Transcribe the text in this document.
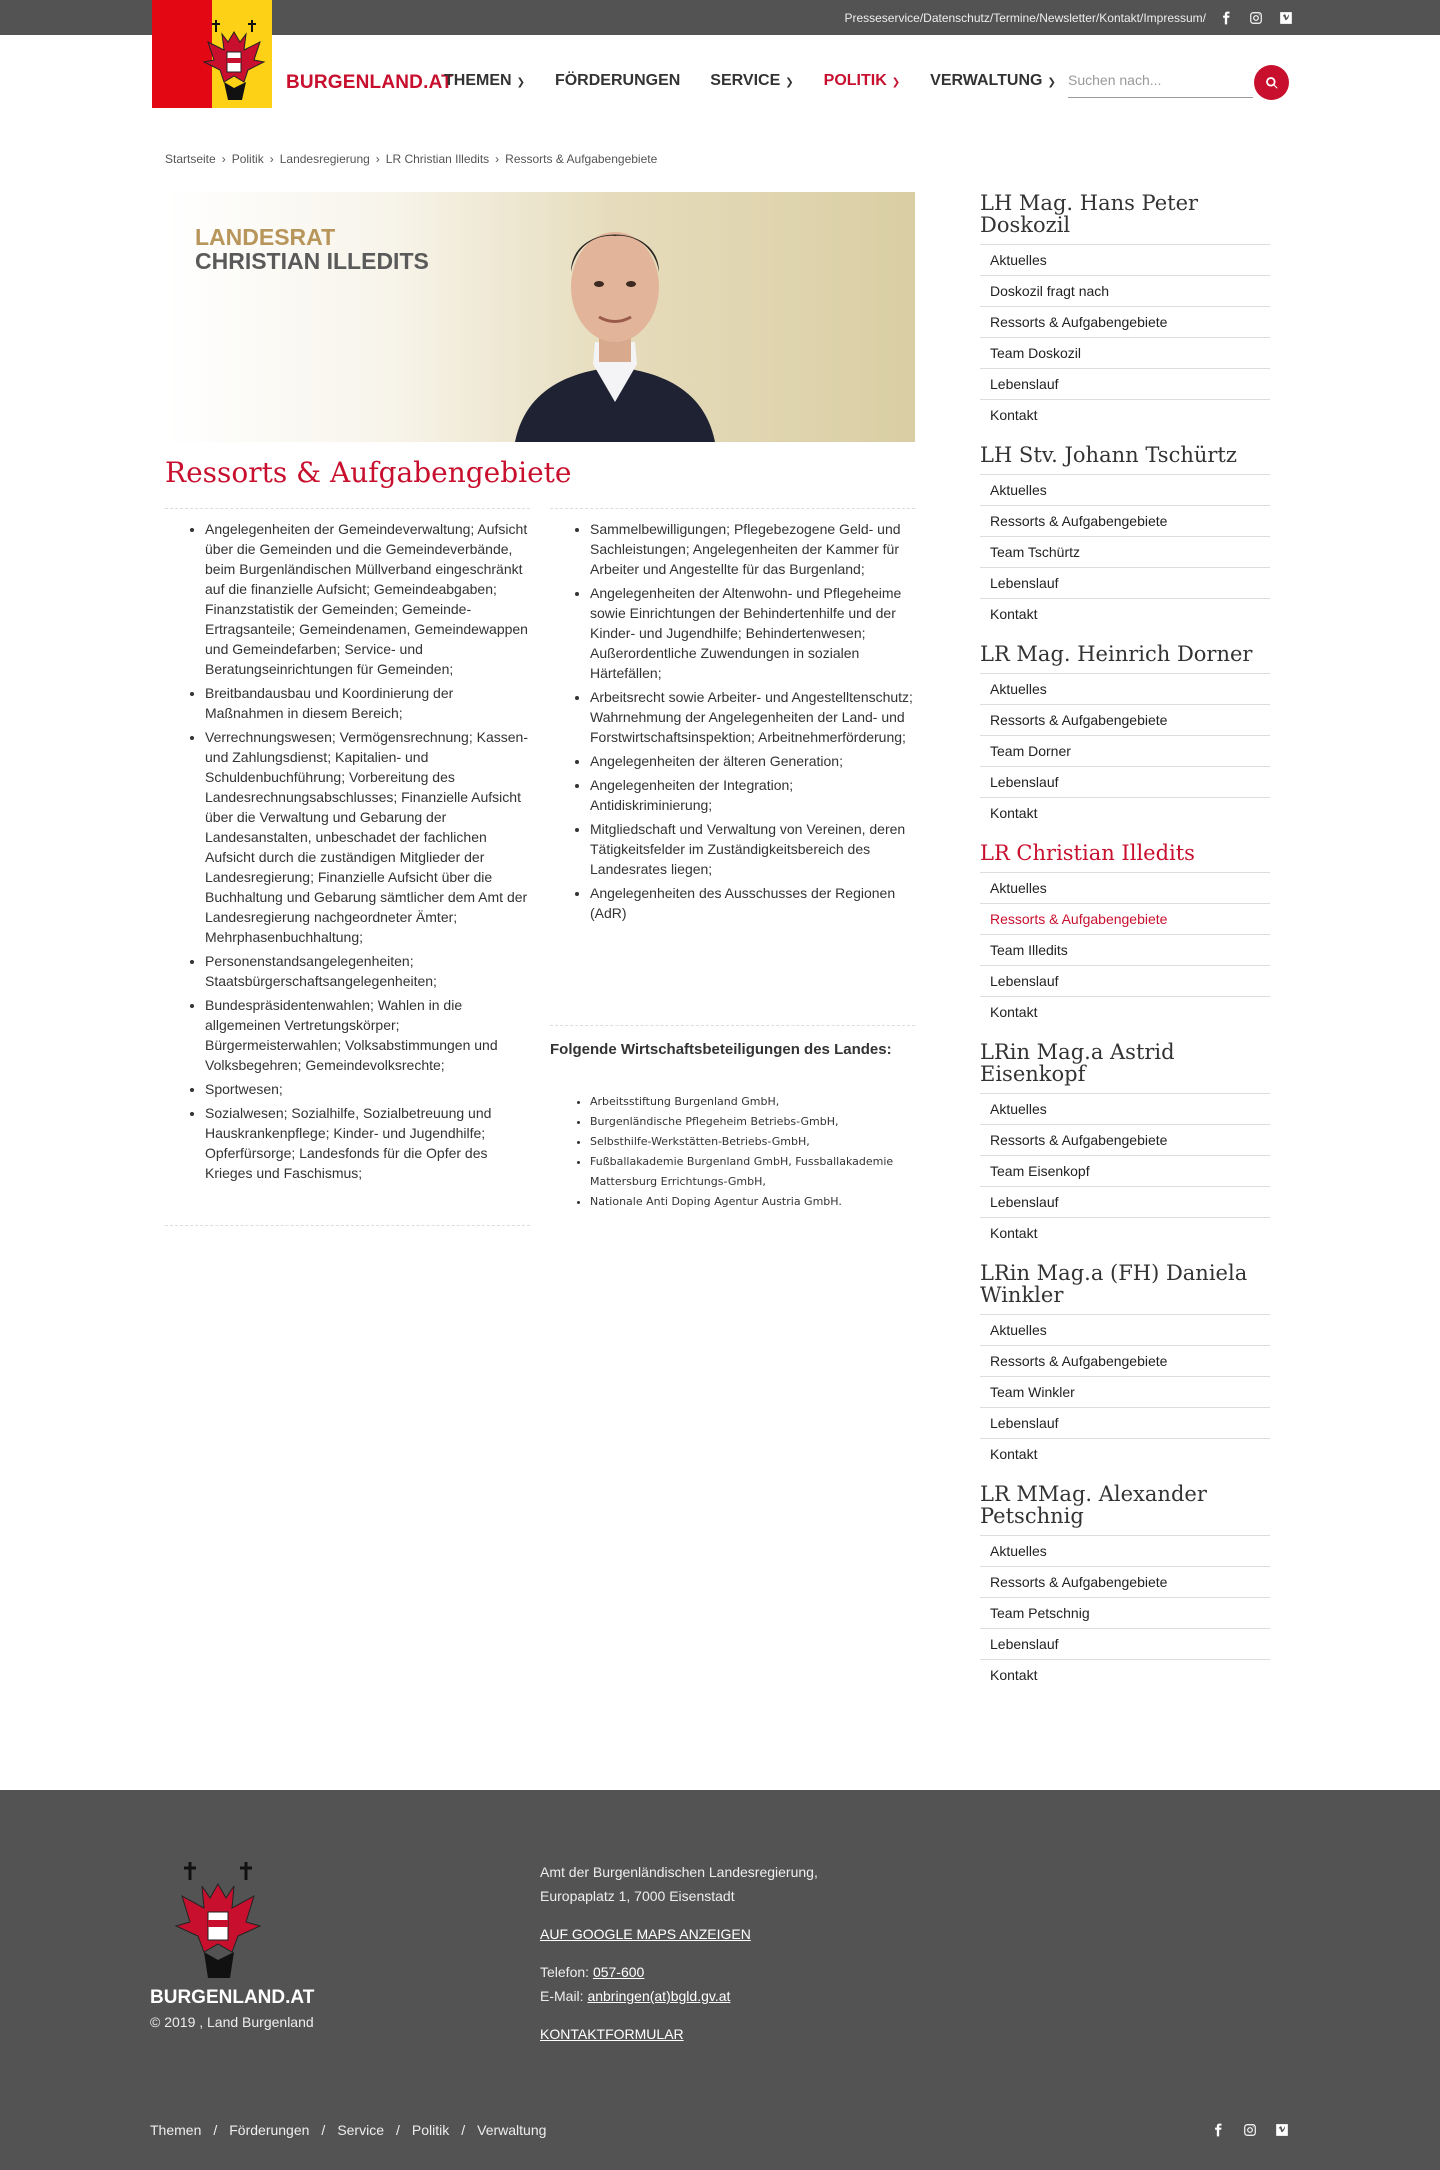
Presseservice / Datenschutz / Termine / Newsletter / Kontakt / Impressum /
BURGENLAND.AT
THEMEN ❯ FÖRDERUNGEN SERVICE ❯ POLITIK ❯ VERWALTUNG ❯
Suchen nach...
Startseite › Politik › Landesregierung › LR Christian Illedits › Ressorts & Aufgabengebiete
LANDESRAT
CHRISTIAN ILLEDITS
Ressorts & Aufgabengebiete
• Angelegenheiten der Gemeindeverwaltung; Aufsicht über die Gemeinden und die Gemeindeverbände, beim Burgenländischen Müllverband eingeschränkt auf die finanzielle Aufsicht; Gemeindeabgaben; Finanzstatistik der Gemeinden; Gemeinde-Ertragsanteile; Gemeindenamen, Gemeindewappen und Gemeindefarben; Service- und Beratungseinrichtungen für Gemeinden;
• Breitbandausbau und Koordinierung der Maßnahmen in diesem Bereich;
• Verrechnungswesen; Vermögensrechnung; Kassen- und Zahlungsdienst; Kapitalien- und Schuldenbuchführung; Vorbereitung des Landesrechnungsabschlusses; Finanzielle Aufsicht über die Verwaltung und Gebarung der Landesanstalten, unbeschadet der fachlichen Aufsicht durch die zuständigen Mitglieder der Landesregierung; Finanzielle Aufsicht über die Buchhaltung und Gebarung sämtlicher dem Amt der Landesregierung nachgeordneter Ämter; Mehrphasenbuchhaltung;
• Personenstandsangelegenheiten; Staatsbürgerschaftsangelegenheiten;
• Bundespräsidentenwahlen; Wahlen in die allgemeinen Vertretungskörper; Bürgermeisterwahlen; Volksabstimmungen und Volksbegehren; Gemeindevolksrechte;
• Sportwesen;
• Sozialwesen; Sozialhilfe, Sozialbetreuung und Hauskrankenpflege; Kinder- und Jugendhilfe; Opferfürsorge; Landesfonds für die Opfer des Krieges und Faschismus;
• Sammelbewilligungen; Pflegebezogene Geld- und Sachleistungen; Angelegenheiten der Kammer für Arbeiter und Angestellte für das Burgenland;
• Angelegenheiten der Altenwohn- und Pflegeheime sowie Einrichtungen der Behindertenhilfe und der Kinder- und Jugendhilfe; Behindertenwesen; Außerordentliche Zuwendungen in sozialen Härtefällen;
• Arbeitsrecht sowie Arbeiter- und Angestelltenschutz; Wahrnehmung der Angelegenheiten der Land- und Forstwirtschaftsinspektion; Arbeitnehmerförderung;
• Angelegenheiten der älteren Generation;
• Angelegenheiten der Integration; Antidiskriminierung;
• Mitgliedschaft und Verwaltung von Vereinen, deren Tätigkeitsfelder im Zuständigkeitsbereich des Landesrates liegen;
• Angelegenheiten des Ausschusses der Regionen (AdR)
Folgende Wirtschaftsbeteiligungen des Landes:
• Arbeitsstiftung Burgenland GmbH,
• Burgenländische Pflegeheim Betriebs-GmbH,
• Selbsthilfe-Werkstätten-Betriebs-GmbH,
• Fußballakademie Burgenland GmbH, Fussballakademie Mattersburg Errichtungs-GmbH,
• Nationale Anti Doping Agentur Austria GmbH.
LH Mag. Hans Peter Doskozil
Aktuelles
Doskozil fragt nach
Ressorts & Aufgabengebiete
Team Doskozil
Lebenslauf
Kontakt
LH Stv. Johann Tschürtz
Aktuelles
Ressorts & Aufgabengebiete
Team Tschürtz
Lebenslauf
Kontakt
LR Mag. Heinrich Dorner
Aktuelles
Ressorts & Aufgabengebiete
Team Dorner
Lebenslauf
Kontakt
LR Christian Illedits
Aktuelles
Ressorts & Aufgabengebiete
Team Illedits
Lebenslauf
Kontakt
LRin Mag.a Astrid Eisenkopf
Aktuelles
Ressorts & Aufgabengebiete
Team Eisenkopf
Lebenslauf
Kontakt
LRin Mag.a (FH) Daniela Winkler
Aktuelles
Ressorts & Aufgabengebiete
Team Winkler
Lebenslauf
Kontakt
LR MMag. Alexander Petschnig
Aktuelles
Ressorts & Aufgabengebiete
Team Petschnig
Lebenslauf
Kontakt
BURGENLAND.AT
© 2019 , Land Burgenland
Amt der Burgenländischen Landesregierung,
Europaplatz 1, 7000 Eisenstadt
AUF GOOGLE MAPS ANZEIGEN
Telefon: 057-600
E-Mail: anbringen(at)bgld.gv.at
KONTAKTFORMULAR
Themen / Förderungen / Service / Politik / Verwaltung
